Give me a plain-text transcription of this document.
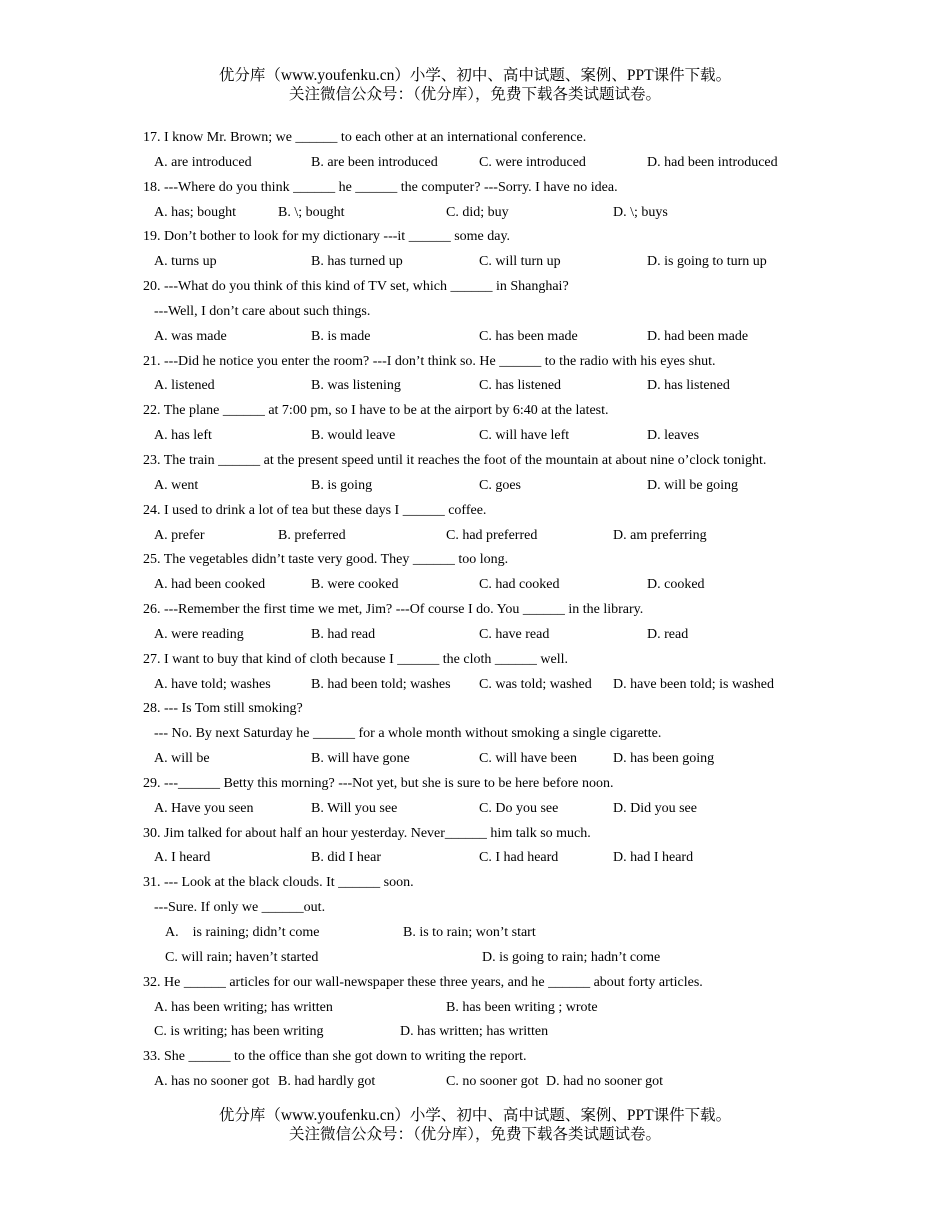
优分库（www.youfenku.cn）小学、初中、高中试题、案例、PPT课件下载。
关注微信公众号：（优分库），免费下载各类试题试卷。
17. I know Mr. Brown; we ______ to each other at an international conference.
A. are introduced	B. are been introduced	C. were introduced	D. had been introduced
18. ---Where do you think ______ he ______ the computer? ---Sorry. I have no idea.
A. has; bought	B. \; bought	C. did; buy	D. \; buys
19. Don’t bother to look for my dictionary ---it ______ some day.
A. turns up	B. has turned up	C. will turn up	D. is going to turn up
20. ---What do you think of this kind of TV set, which ______ in Shanghai?
---Well, I don’t care about such things.
A. was made	B. is made	C. has been made	D. had been made
21. ---Did he notice you enter the room? ---I don’t think so. He ______ to the radio with his eyes shut.
A. listened	B. was listening	C. has listened	D. has listened
22. The plane ______ at 7:00 pm, so I have to be at the airport by 6:40 at the latest.
A. has left	B. would leave	C. will have left	D. leaves
23. The train ______ at the present speed until it reaches the foot of the mountain at about nine o’clock tonight.
A. went	B. is going	C. goes	D. will be going
24. I used to drink a lot of tea but these days I ______ coffee.
A. prefer	B. preferred	C. had preferred	D. am preferring
25. The vegetables didn’t taste very good. They ______ too long.
A. had been cooked	B. were cooked	C. had cooked	D. cooked
26. ---Remember the first time we met, Jim? ---Of course I do. You ______ in the library.
A. were reading	B. had read	C. have read	D. read
27. I want to buy that kind of cloth because I ______ the cloth ______ well.
A. have told; washes	B. had been told; washes C. was told; washed D. have been told; is washed
28. --- Is Tom still smoking?
--- No. By next Saturday he ______ for a whole month without smoking a single cigarette.
A. will be	B. will have gone	C. will have been	D. has been going
29. ---______ Betty this morning? ---Not yet, but she is sure to be here before noon.
A. Have you seen	B. Will you see	C. Do you see	D. Did you see
30. Jim talked for about half an hour yesterday. Never______ him talk so much.
A. I heard	B. did I hear	C. I had heard	D. had I heard
31. --- Look at the black clouds. It ______ soon.
---Sure. If only we ______out.
A.    is raining; didn’t come	B. is to rain; won’t start
C. will rain; haven’t started	D. is going to rain; hadn’t come
32. He ______ articles for our wall-newspaper these three years, and he ______ about forty articles.
A. has been writing; has written	B. has been writing ; wrote
C. is writing; has been writing	D. has written; has written
33. She ______ to the office than she got down to writing the report.
A. has no sooner got B. had hardly got	C. no sooner got D. had no sooner got
优分库（www.youfenku.cn）小学、初中、高中试题、案例、PPT课件下载。
关注微信公众号：（优分库），免费下载各类试题试卷。
